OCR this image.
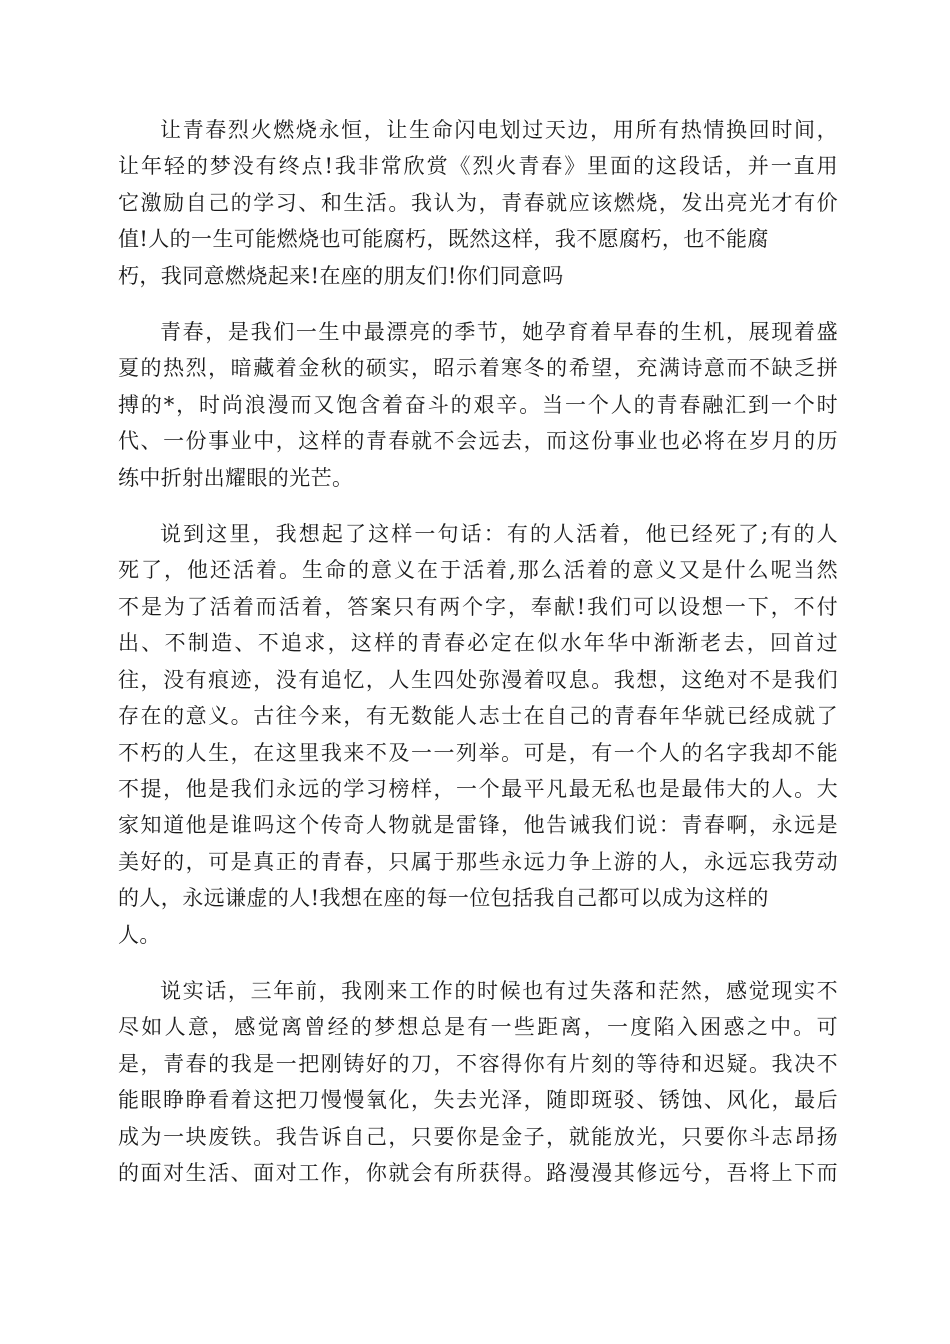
让青春烈火燃烧永恒，让生命闪电划过天边，用所有热情换回时间，
让年轻的梦没有终点!我非常欣赏《烈火青春》里面的这段话，并一直用
它激励自己的学习、和生活。我认为，青春就应该燃烧，发出亮光才有价
值!人的一生可能燃烧也可能腐朽，既然这样，我不愿腐朽，也不能腐
朽，我同意燃烧起来!在座的朋友们!你们同意吗
青春，是我们一生中最漂亮的季节，她孕育着早春的生机，展现着盛
夏的热烈，暗藏着金秋的硕实，昭示着寒冬的希望，充满诗意而不缺乏拼
搏的*，时尚浪漫而又饱含着奋斗的艰辛。当一个人的青春融汇到一个时
代、一份事业中，这样的青春就不会远去，而这份事业也必将在岁月的历
练中折射出耀眼的光芒。
说到这里，我想起了这样一句话：有的人活着，他已经死了;有的人
死了，他还活着。生命的意义在于活着,那么活着的意义又是什么呢当然
不是为了活着而活着，答案只有两个字，奉献!我们可以设想一下，不付
出、不制造、不追求，这样的青春必定在似水年华中渐渐老去，回首过
往，没有痕迹，没有追忆，人生四处弥漫着叹息。我想，这绝对不是我们
存在的意义。古往今来，有无数能人志士在自己的青春年华就已经成就了
不朽的人生，在这里我来不及一一列举。可是，有一个人的名字我却不能
不提，他是我们永远的学习榜样，一个最平凡最无私也是最伟大的人。大
家知道他是谁吗这个传奇人物就是雷锋，他告诫我们说：青春啊，永远是
美好的，可是真正的青春，只属于那些永远力争上游的人，永远忘我劳动
的人，永远谦虚的人!我想在座的每一位包括我自己都可以成为这样的
人。
说实话，三年前，我刚来工作的时候也有过失落和茫然，感觉现实不
尽如人意，感觉离曾经的梦想总是有一些距离，一度陷入困惑之中。可
是，青春的我是一把刚铸好的刀，不容得你有片刻的等待和迟疑。我决不
能眼睁睁看着这把刀慢慢氧化，失去光泽，随即斑驳、锈蚀、风化，最后
成为一块废铁。我告诉自己，只要你是金子，就能放光，只要你斗志昂扬
的面对生活、面对工作，你就会有所获得。路漫漫其修远兮，吾将上下而
